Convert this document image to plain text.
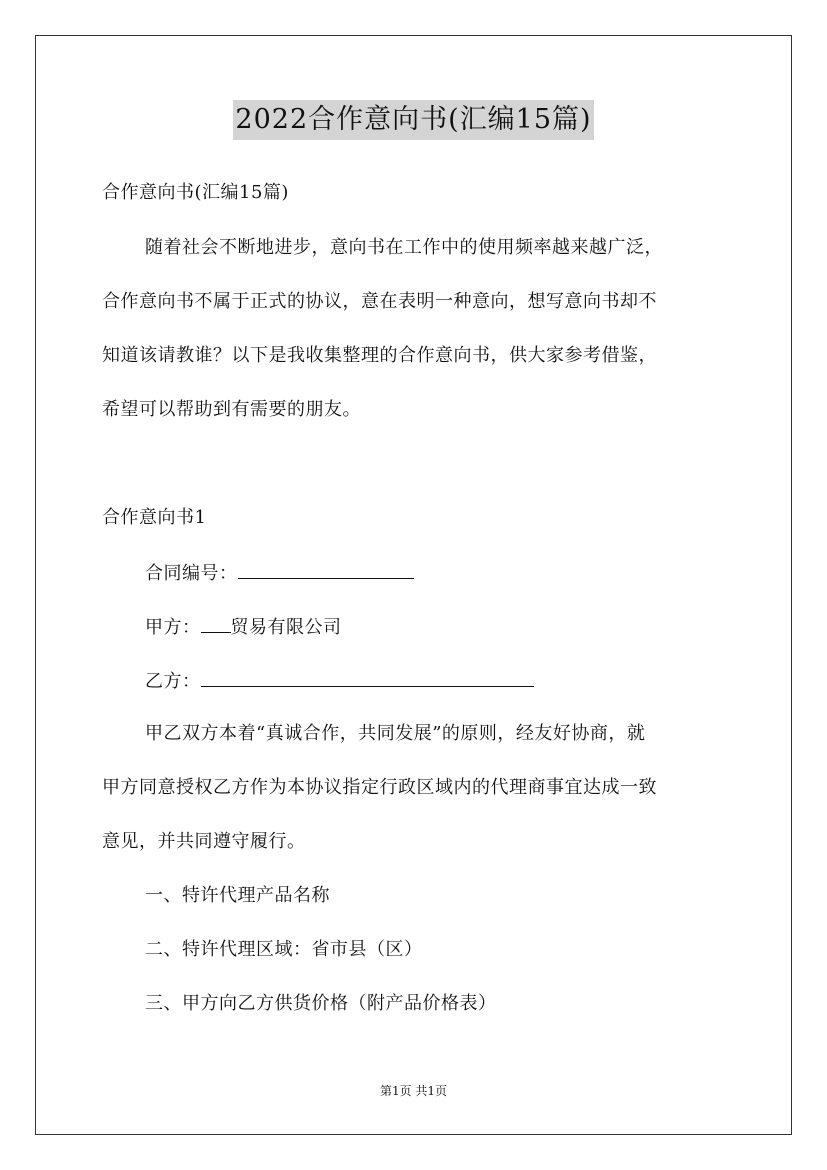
2022合作意向书(汇编15篇)
合作意向书(汇编15篇)
随着社会不断地进步，意向书在工作中的使用频率越来越广泛，
合作意向书不属于正式的协议，意在表明一种意向，想写意向书却不
知道该请教谁？以下是我收集整理的合作意向书，供大家参考借鉴，
希望可以帮助到有需要的朋友。
合作意向书1
合同编号：
甲方： 贸易有限公司
乙方：
甲乙双方本着“真诚合作，共同发展”的原则，经友好协商，就
甲方同意授权乙方作为本协议指定行政区域内的代理商事宜达成一致
意见，并共同遵守履行。
一、特许代理产品名称
二、特许代理区域：省市县（区）
三、甲方向乙方供货价格（附产品价格表）
第1页 共1页
